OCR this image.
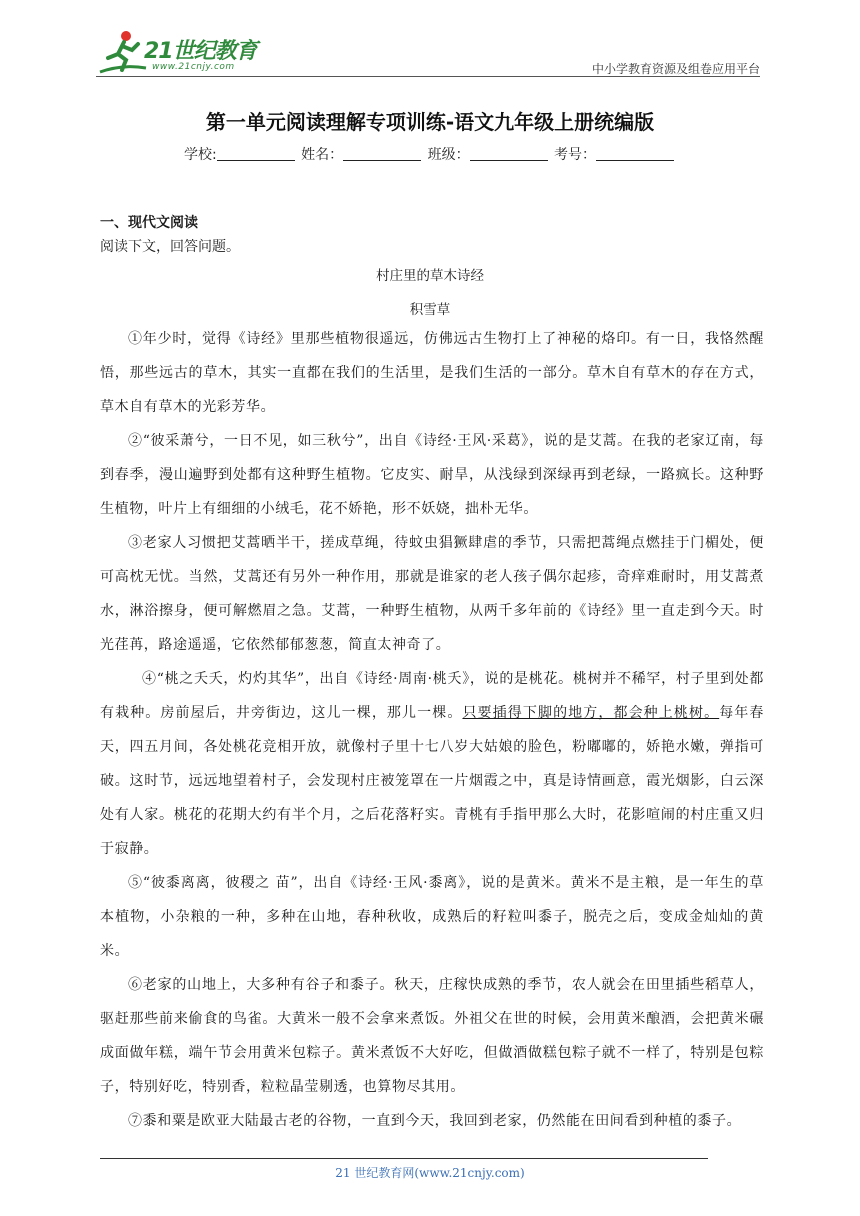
21世纪教育
www.21cnjy.com	中小学教育资源及组卷应用平台
第一单元阅读理解专项训练-语文九年级上册统编版
学校:	姓名：	班级：	考号：
一、现代文阅读
阅读下文，回答问题。
村庄里的草木诗经
积雪草

①年少时，觉得《诗经》里那些植物很遥远，仿佛远古生物打上了神秘的烙印。有一日，我恪然醒悟，那些远古的草木，其实一直都在我们的生活里，是我们生活的一部分。草木自有草木的存在方式，草木自有草木的光彩芳华。

②“彼采萧兮，一日不见，如三秋兮”，出自《诗经·王风·采葛》，说的是艾蒿。在我的老家辽南，每到春季，漫山遍野到处都有这种野生植物。它皮实、耐旱，从浅绿到深绿再到老绿，一路疯长。这种野生植物，叶片上有细细的小绒毛，花不娇艳，形不妖娆，拙朴无华。

③老家人习惯把艾蒿晒半干，搓成草绳，待蚊虫猖獗肆虐的季节，只需把蒿绳点燃挂于门楣处，便可高枕无忧。当然，艾蒿还有另外一种作用，那就是谁家的老人孩子偶尔起疹，奇痒难耐时，用艾蒿煮水，淋浴擦身，便可解燃眉之急。艾蒿，一种野生植物，从两千多年前的《诗经》里一直走到今天。时光荏苒，路途遥遥，它依然郁郁葱葱，简直太神奇了。

④“桃之夭夭，灼灼其华”，出自《诗经·周南·桃夭》，说的是桃花。桃树并不稀罕，村子里到处都有栽种。房前屋后，井旁街边，这儿一棵，那儿一棵。只要插得下脚的地方，都会种上桃树。每年春天，四五月间，各处桃花竞相开放，就像村子里十七八岁大姑娘的脸色，粉嘟嘟的，娇艳水嫩，弹指可破。这时节，远远地望着村子，会发现村庄被笼罩在一片烟霞之中，真是诗情画意，霞光烟影，白云深处有人家。桃花的花期大约有半个月，之后花落籽实。青桃有手指甲那么大时，花影喧闹的村庄重又归于寂静。

⑤“彼黍离离，彼稷之 苗”，出自《诗经·王风·黍离》，说的是黄米。黄米不是主粮，是一年生的草本植物，小杂粮的一种，多种在山地，春种秋收，成熟后的籽粒叫黍子，脱壳之后，变成金灿灿的黄米。

⑥老家的山地上，大多种有谷子和黍子。秋天，庄稼快成熟的季节，农人就会在田里插些稻草人，驱赶那些前来偷食的鸟雀。大黄米一般不会拿来煮饭。外祖父在世的时候，会用黄米酿酒，会把黄米碾成面做年糕，端午节会用黄米包粽子。黄米煮饭不大好吃，但做酒做糕包粽子就不一样了，特别是包粽子，特别好吃，特别香，粒粒晶莹剔透，也算物尽其用。

⑦黍和粟是欧亚大陆最古老的谷物，一直到今天，我回到老家，仍然能在田间看到种植的黍子。

21 世纪教育网(www.21cnjy.com)
